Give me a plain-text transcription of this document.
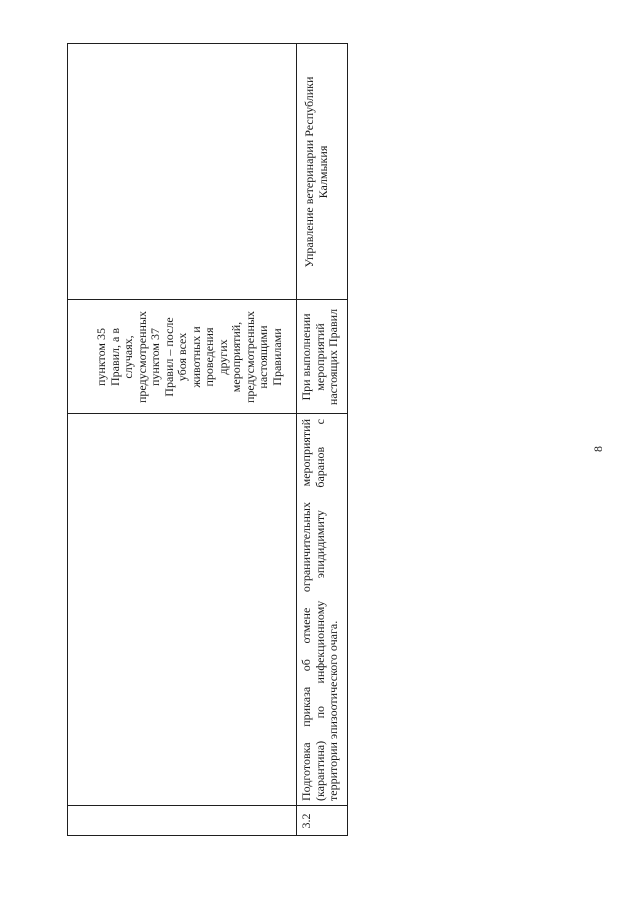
пунктом 35 Правил, а в случаях, предусмотренных пунктом 37 Правил – после убоя всех животных и проведения других мероприятий, предусмотренных настоящими Правилами
3.2
Подготовка приказа об отмене ограничительных мероприятий (карантина) по инфекционному эпидидимиту баранов с территории эпизоотического очага.
При выполнении мероприятий настоящих Правил
Управление ветеринарии Республики Калмыкия
8
